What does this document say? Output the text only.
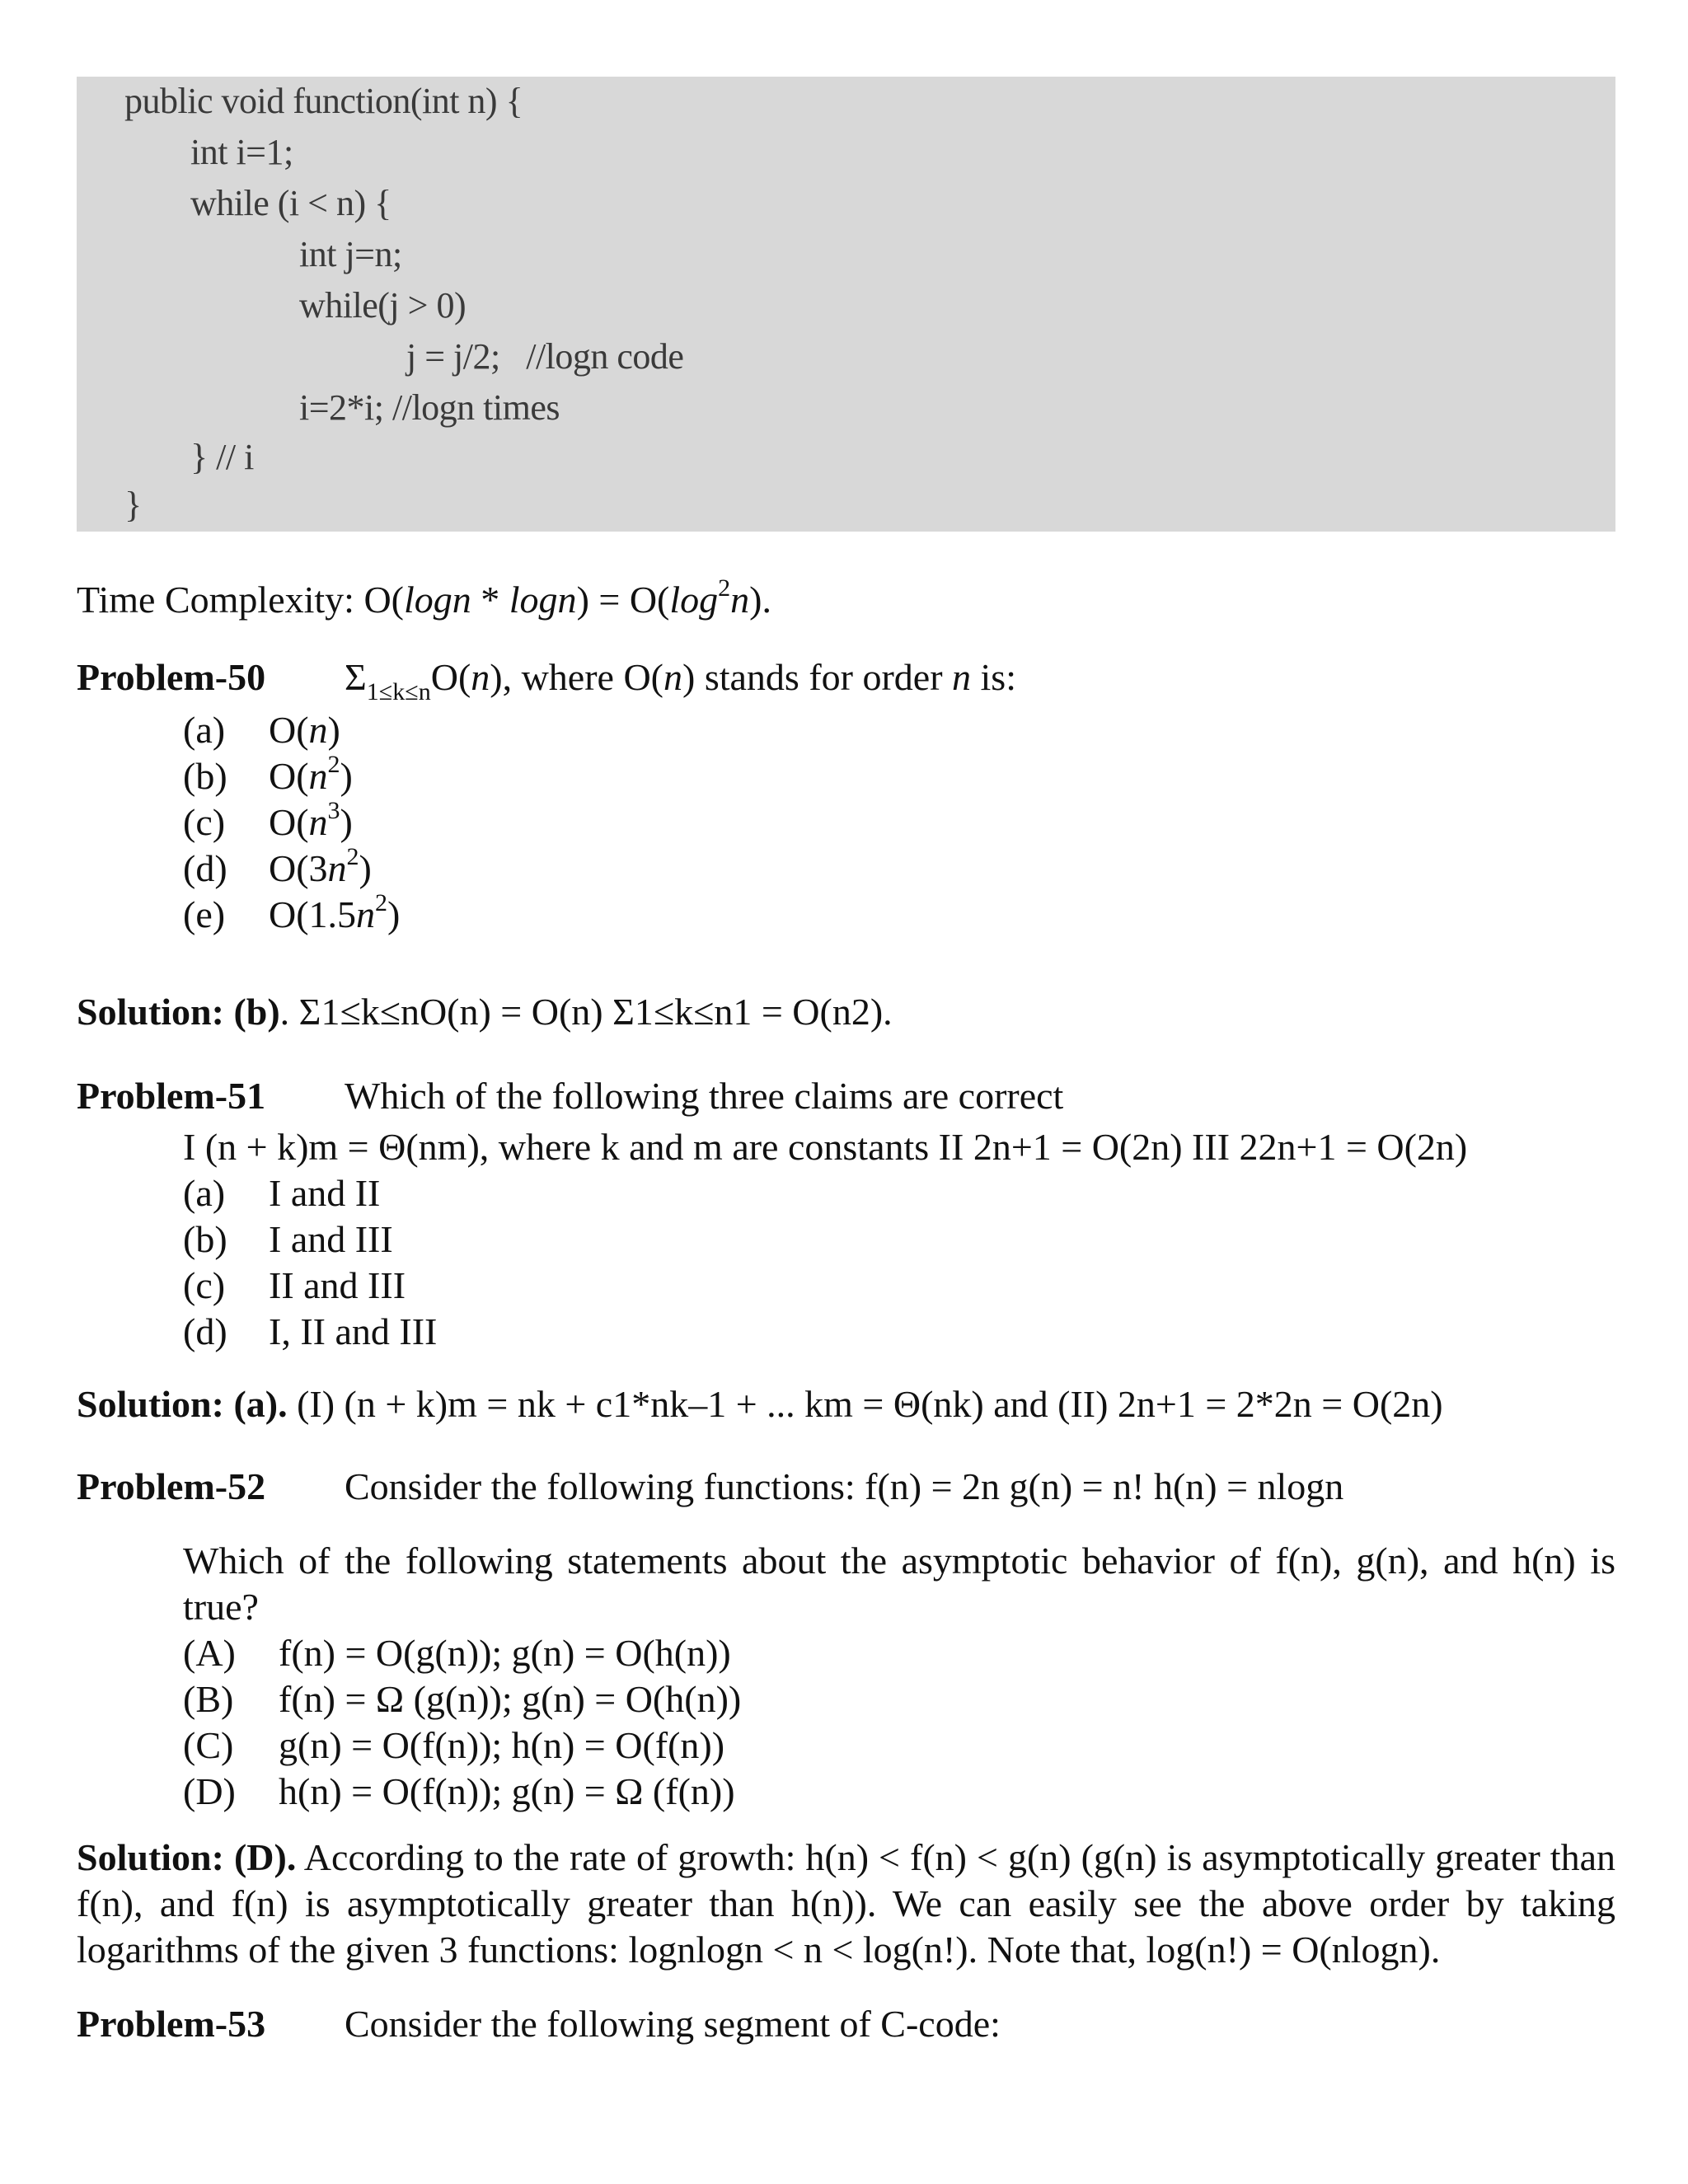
public void function(int n) {
int i=1;
while (i < n) {
int j=n;
while(j > 0)
j = j/2;   //logn code
i=2*i; //logn times
} // i
}
Time Complexity: $O(\log n * \log n) = O(\log^2n)$.
Problem-50 $\Sigma_{1\le k\le n}O(n)$, where O(n) stands for order n is:
(a) O(n)
(b) $O(n^2)$
(c) $O(n^3)$
(d) $O(3n^2)$
(e) $O(1.5n^2)$
Solution: (b). Σ1≤k≤nO(n) = O(n) Σ1≤k≤n1 = O(n2).
Problem-51 Which of the following three claims are correct
I (n + k)m = Θ(nm), where k and m are constants II 2n+1 = O(2n) III 22n+1 = O(2n)
(a) I and II
(b) I and III
(c) II and III
(d) I, II and III
Solution: (a). (I) (n + k)m = nk + c1*nk–1 + ... km = Θ(nk) and (II) 2n+1 = 2*2n = O(2n)
Problem-52 Consider the following functions: f(n) = 2n g(n) = n! h(n) = nlogn
Which of the following statements about the asymptotic behavior of f(n), g(n), and h(n) is true?
(A) f(n) = O(g(n)); g(n) = O(h(n))
(B) f(n) = Ω (g(n)); g(n) = O(h(n))
(C) g(n) = O(f(n)); h(n) = O(f(n))
(D) h(n) = O(f(n)); g(n) = Ω (f(n))
Solution: (D). According to the rate of growth: h(n) < f(n) < g(n) (g(n) is asymptotically greater than f(n), and f(n) is asymptotically greater than h(n)). We can easily see the above order by taking logarithms of the given 3 functions: lognlogn < n < log(n!). Note that, log(n!) = O(nlogn).
Problem-53 Consider the following segment of C-code:
